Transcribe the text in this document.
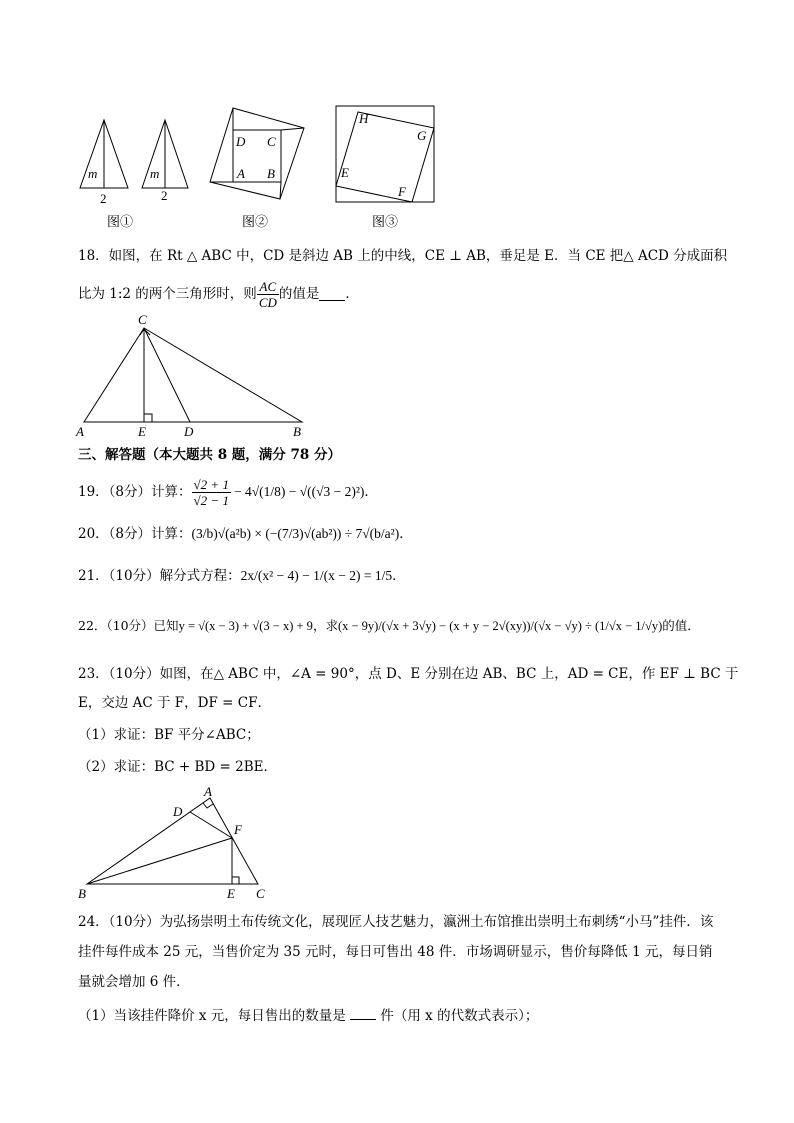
m
2
m
2
D C
A B
H
G
E
F
图①	图②	图③
18．如图，在 Rt △ ABC 中，CD 是斜边 AB 上的中线，CE ⊥ AB，垂足是 E．当 CE 把△ ACD 分成面积
比为 1:2 的两个三角形时，则 $\frac{AC}{CD}$ 的值是 ．
C
A	E	D	B
三、解答题（本大题共 8 题，满分 78 分）
19．（8分）计算： $\frac{√2 + 1}{√2 - 1} - 4√(1/8) - √((√3 - 2)^2)$ ．
20．（8分）计算： (3/b)√(a²b) × (−(7/3)√(ab²)) ÷ 7√(b/a²) ．
21．（10分）解分式方程： 2x/(x² − 4) − 1/(x − 2) = 1/5 ．
22．（10分）已知 y = √(x − 3) + √(3 − x) + 9 ，求 (x − 9y)/(√x + 3√y) − (x + y − 2√(xy))/(√x − √y) ÷ (1/√x − 1/√y) 的值．
23．（10分）如图，在△ ABC 中，∠A = 90°，点 D、E 分别在边 AB、BC 上，AD = CE，作 EF ⊥ BC 于
E，交边 AC 于 F，DF = CF．
（1）求证：BF 平分∠ABC；
（2）求证：BC + BD = 2BE．
A
D
F
B	E C
24．（10分）为弘扬崇明土布传统文化，展现匠人技艺魅力，瀛洲土布馆推出崇明土布刺绣“小马”挂件．该
挂件每件成本 25 元，当售价定为 35 元时，每日可售出 48 件．市场调研显示，售价每降低 1 元，每日销
量就会增加 6 件．
（1）当该挂件降价 x 元，每日售出的数量是	件（用 x 的代数式表示）；
